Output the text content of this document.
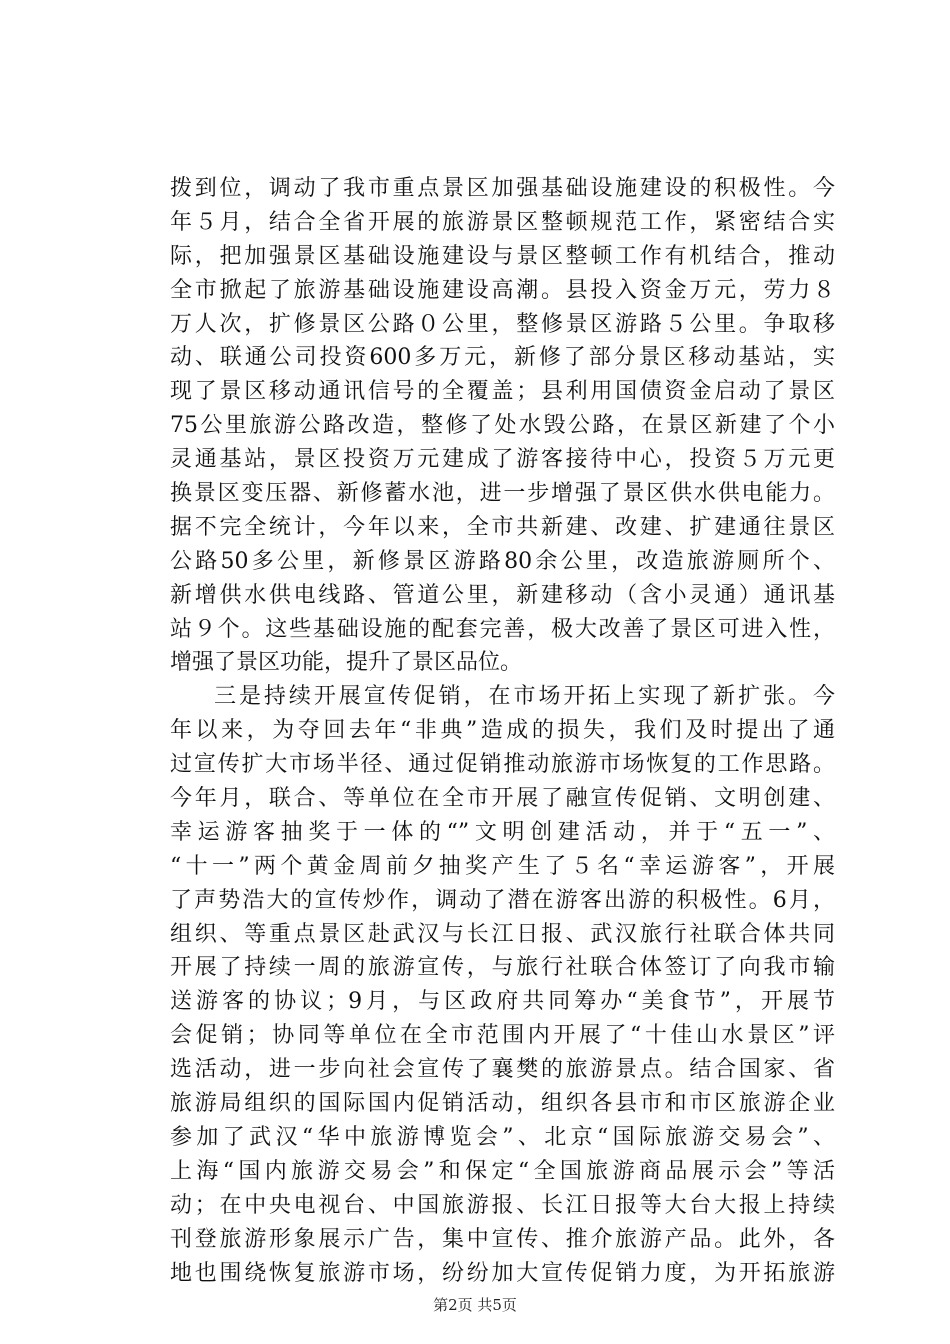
拨到位，调动了我市重点景区加强基础设施建设的积极性。今
年５月，结合全省开展的旅游景区整顿规范工作，紧密结合实
际，把加强景区基础设施建设与景区整顿工作有机结合，推动
全市掀起了旅游基础设施建设高潮。县投入资金万元，劳力８
万人次，扩修景区公路０公里，整修景区游路５公里。争取移
动、联通公司投资600多万元，新修了部分景区移动基站，实
现了景区移动通讯信号的全覆盖；县利用国债资金启动了景区
75公里旅游公路改造，整修了处水毁公路，在景区新建了个小
灵通基站，景区投资万元建成了游客接待中心，投资５万元更
换景区变压器、新修蓄水池，进一步增强了景区供水供电能力。
据不完全统计，今年以来，全市共新建、改建、扩建通往景区
公路50多公里，新修景区游路80余公里，改造旅游厕所个、
新增供水供电线路、管道公里，新建移动（含小灵通）通讯基
站９个。这些基础设施的配套完善，极大改善了景区可进入性，
增强了景区功能，提升了景区品位。
三是持续开展宣传促销，在市场开拓上实现了新扩张。今
年以来，为夺回去年“非典”造成的损失，我们及时提出了通
过宣传扩大市场半径、通过促销推动旅游市场恢复的工作思路。
今年月，联合、等单位在全市开展了融宣传促销、文明创建、
幸运游客抽奖于一体的“”文明创建活动，并于“五一”、
“十一”两个黄金周前夕抽奖产生了５名“幸运游客”，开展
了声势浩大的宣传炒作，调动了潜在游客出游的积极性。6月，
组织、等重点景区赴武汉与长江日报、武汉旅行社联合体共同
开展了持续一周的旅游宣传，与旅行社联合体签订了向我市输
送游客的协议；9月，与区政府共同筹办“美食节”，开展节
会促销；协同等单位在全市范围内开展了“十佳山水景区”评
选活动，进一步向社会宣传了襄樊的旅游景点。结合国家、省
旅游局组织的国际国内促销活动，组织各县市和市区旅游企业
参加了武汉“华中旅游博览会”、北京“国际旅游交易会”、
上海“国内旅游交易会”和保定“全国旅游商品展示会”等活
动；在中央电视台、中国旅游报、长江日报等大台大报上持续
刊登旅游形象展示广告，集中宣传、推介旅游产品。此外，各
地也围绕恢复旅游市场，纷纷加大宣传促销力度，为开拓旅游
第2页 共5页
